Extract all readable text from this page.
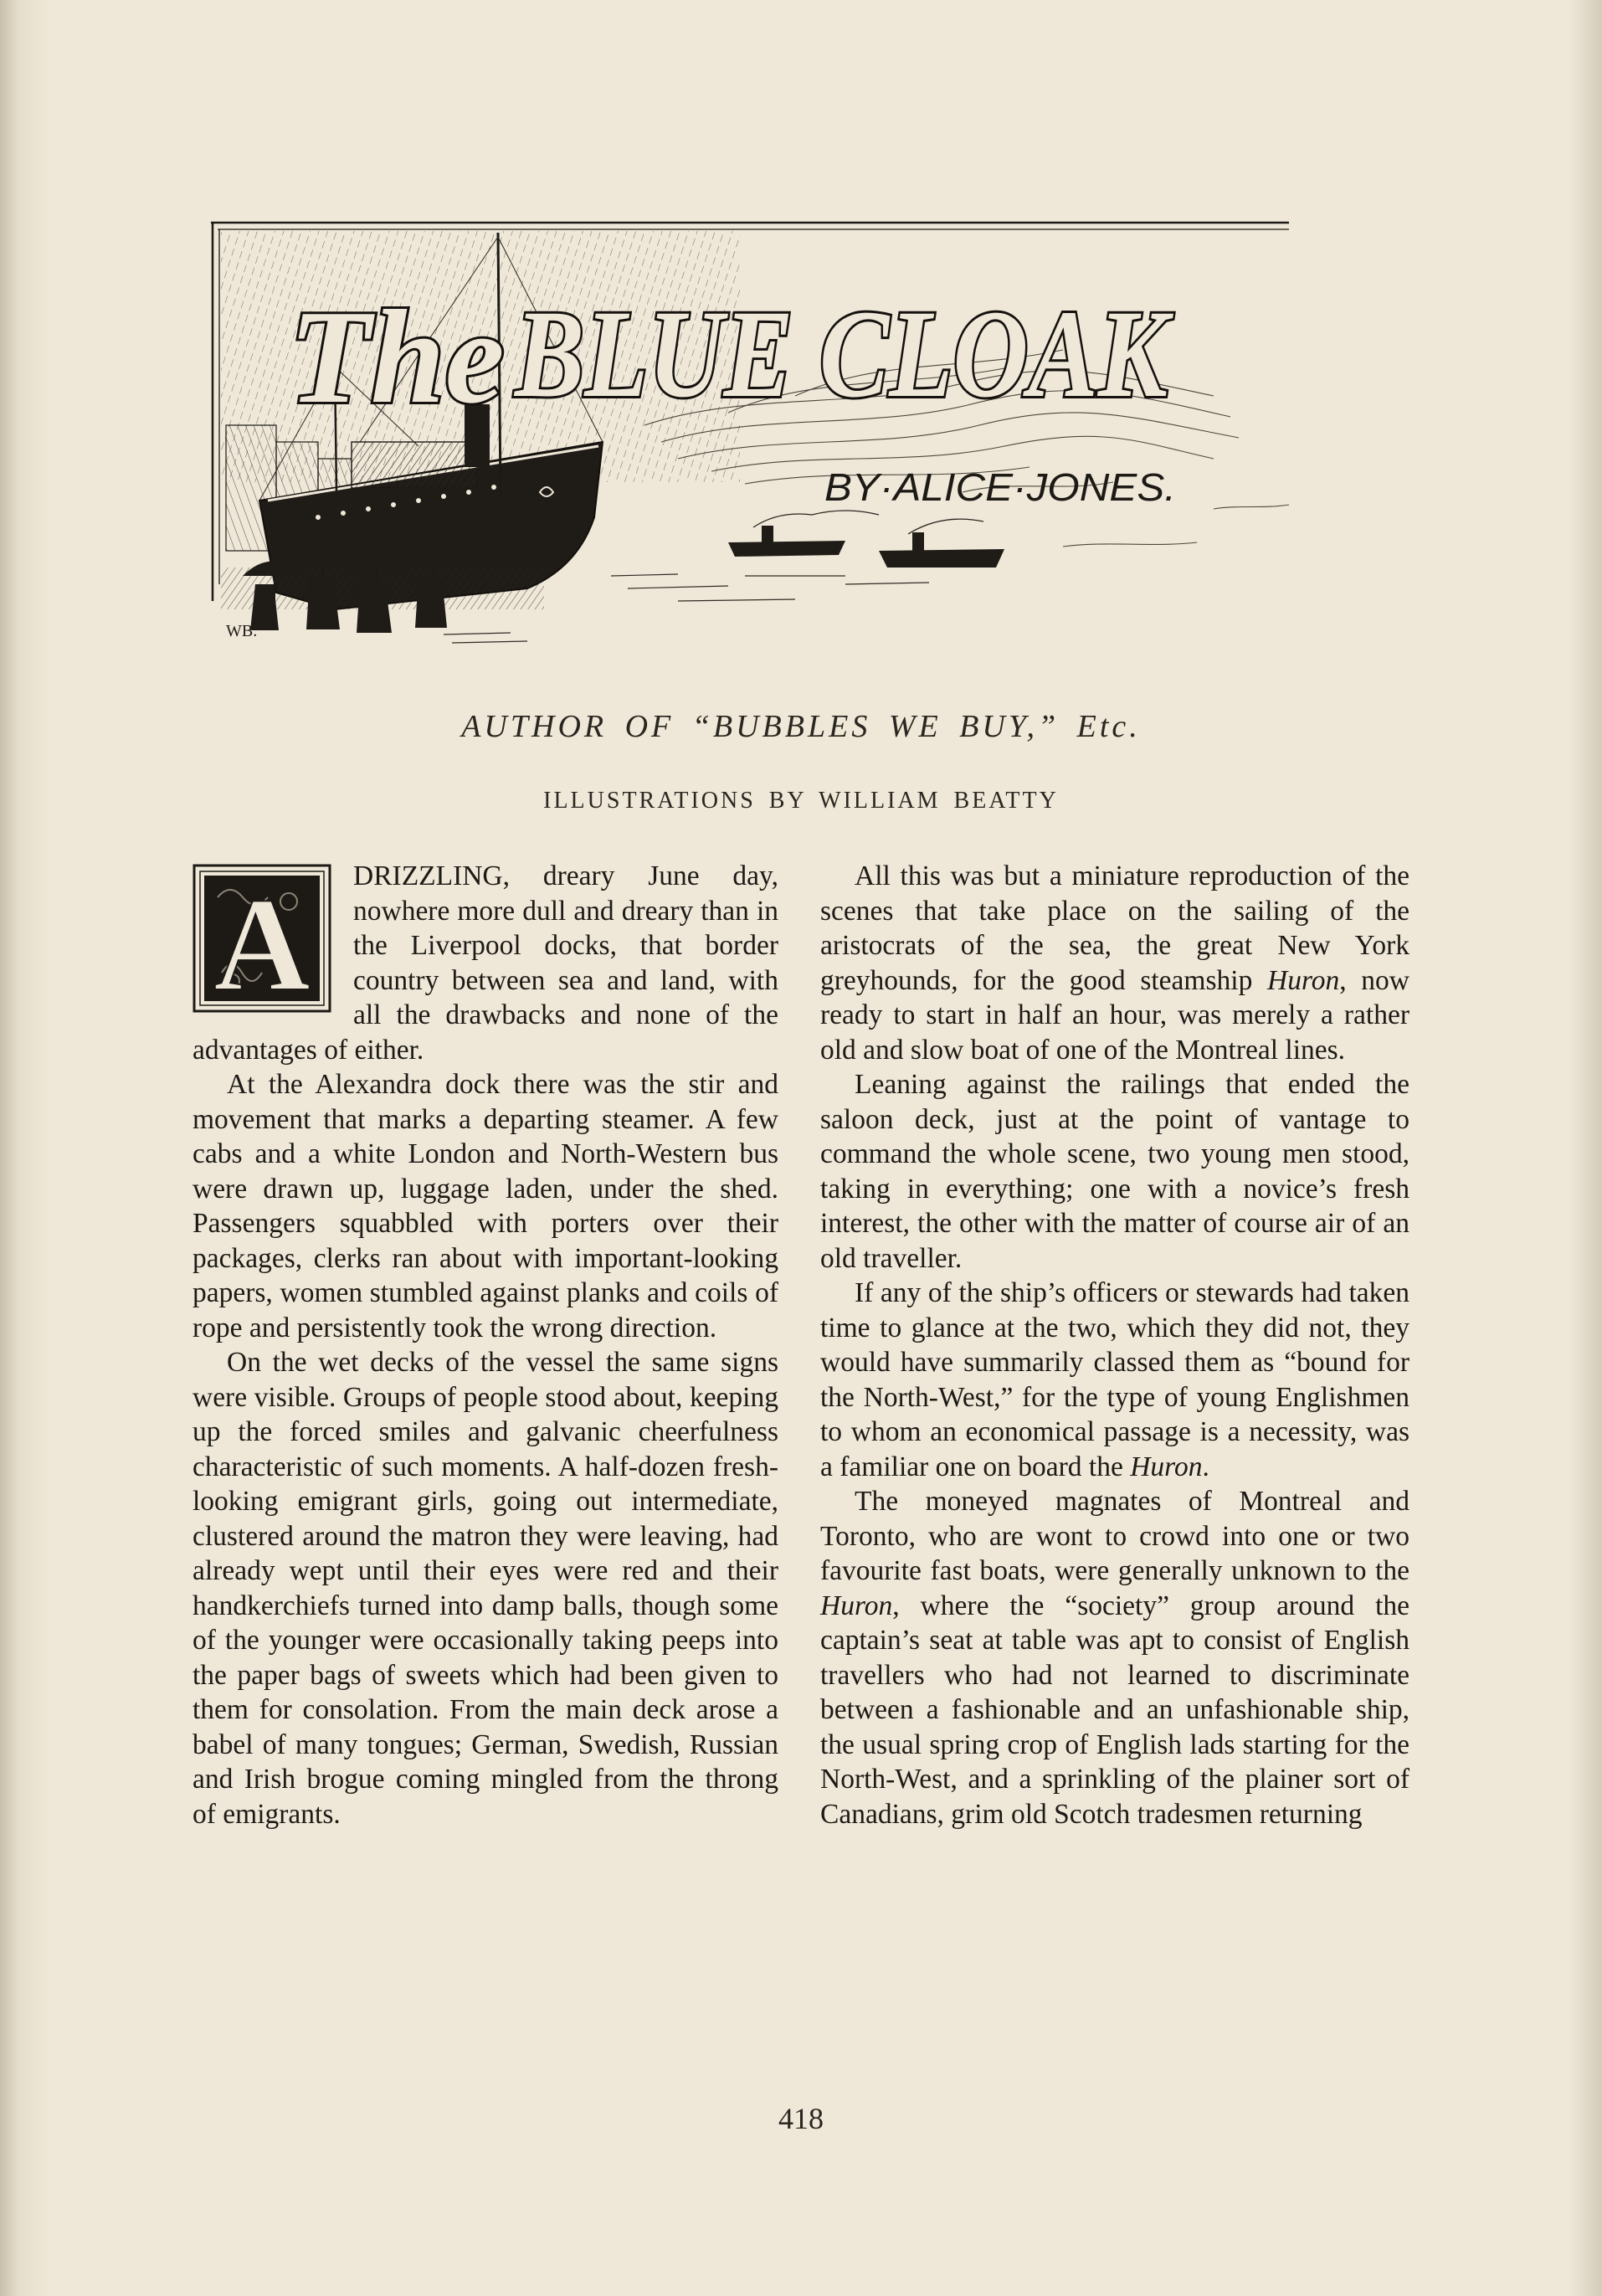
WB.
The BLUE CLOAK
BY·ALICE·JONES.
AUTHOR OF “BUBBLES WE BUY,” Etc.
ILLUSTRATIONS BY WILLIAM BEATTY
A	DRIZZLING, dreary June day, nowhere more dull and dreary than in the Liverpool docks, that border country between sea and land, with all the drawbacks and none of the advantages of either.

At the Alexandra dock there was the stir and movement that marks a departing steamer. A few cabs and a white London and North-Western bus were drawn up, luggage laden, under the shed. Passengers squabbled with porters over their packages, clerks ran about with important-looking papers, women stumbled against planks and coils of rope and persistently took the wrong direction.

On the wet decks of the vessel the same signs were visible. Groups of people stood about, keeping up the forced smiles and galvanic cheerfulness characteristic of such moments. A half-dozen fresh-looking emigrant girls, going out intermediate, clustered around the matron they were leaving, had already wept until their eyes were red and their handkerchiefs turned into damp balls, though some of the younger were occasionally taking peeps into the paper bags of sweets which had been given to them for consolation. From the main deck arose a babel of many tongues; German, Swedish, Russian and Irish brogue coming mingled from the throng of emigrants.

All this was but a miniature reproduction of the scenes that take place on the sailing of the aristocrats of the sea, the great New York greyhounds, for the good steamship Huron, now ready to start in half an hour, was merely a rather old and slow boat of one of the Montreal lines.

Leaning against the railings that ended the saloon deck, just at the point of vantage to command the whole scene, two young men stood, taking in everything; one with a novice’s fresh interest, the other with the matter of course air of an old traveller.

If any of the ship’s officers or stewards had taken time to glance at the two, which they did not, they would have summarily classed them as “bound for the North-West,” for the type of young Englishmen to whom an economical passage is a necessity, was a familiar one on board the Huron.

The moneyed magnates of Montreal and Toronto, who are wont to crowd into one or two favourite fast boats, were generally unknown to the Huron, where the “society” group around the captain’s seat at table was apt to consist of English travellers who had not learned to discriminate between a fashionable and an unfashionable ship, the usual spring crop of English lads starting for the North-West, and a sprinkling of the plainer sort of Canadians, grim old Scotch tradesmen returning

418
